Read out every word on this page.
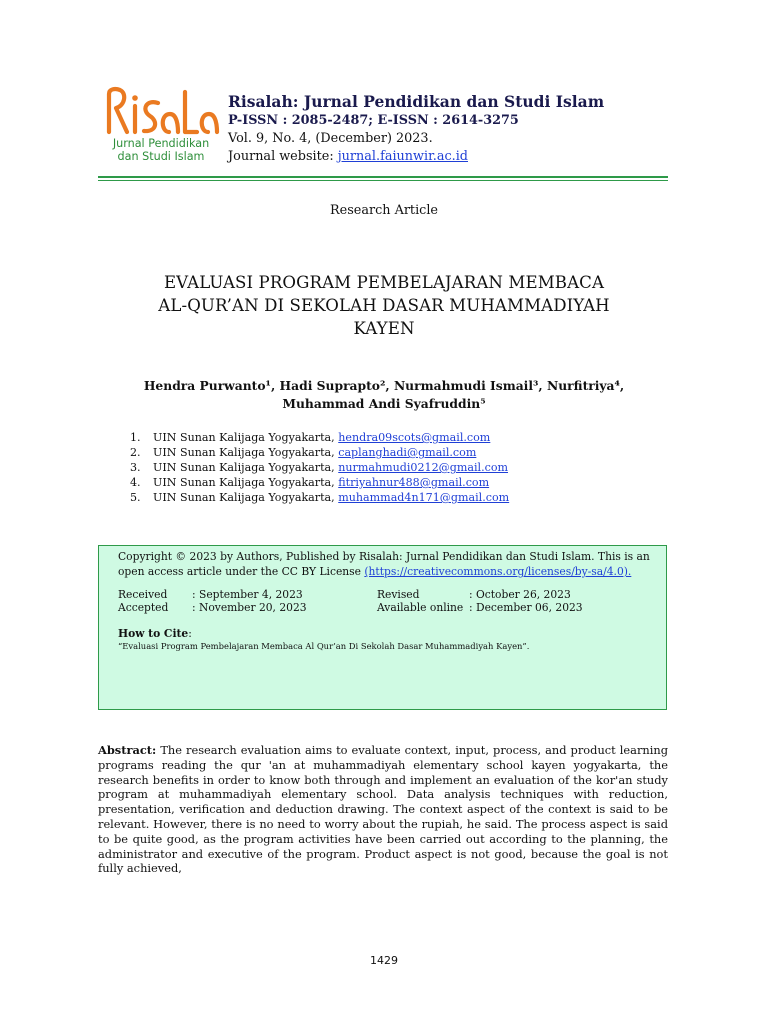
Jurnal Pendidikan
dan Studi Islam
Risalah: Jurnal Pendidikan dan Studi Islam
P-ISSN : 2085-2487; E-ISSN : 2614-3275
Vol. 9, No. 4, (December) 2023.
Journal website: jurnal.faiunwir.ac.id
Research Article
EVALUASI PROGRAM PEMBELAJARAN MEMBACA
AL-QUR’AN DI SEKOLAH DASAR MUHAMMADIYAH
KAYEN
Hendra Purwanto¹, Hadi Suprapto², Nurmahmudi Ismail³, Nurfitriya⁴,
Muhammad Andi Syafruddin⁵
1. UIN Sunan Kalijaga Yogyakarta, hendra09scots@gmail.com
2. UIN Sunan Kalijaga Yogyakarta, caplanghadi@gmail.com
3. UIN Sunan Kalijaga Yogyakarta, nurmahmudi0212@gmail.com
4. UIN Sunan Kalijaga Yogyakarta, fitriyahnur488@gmail.com
5. UIN Sunan Kalijaga Yogyakarta, muhammad4n171@gmail.com
Copyright © 2023 by Authors, Published by Risalah: Jurnal Pendidikan dan Studi Islam. This is an open access article under the CC BY License (https://creativecommons.org/licenses/by-sa/4.0).
Received : September 4, 2023
Accepted : November 20, 2023
Revised	: October 26, 2023
Available online : December 06, 2023
How to Cite:
“Evaluasi Program Pembelajaran Membaca Al Qur’an Di Sekolah Dasar Muhammadiyah Kayen”.
Abstract: The research evaluation aims to evaluate context, input, process, and product learning programs reading the qur 'an at muhammadiyah elementary school kayen yogyakarta, the research benefits in order to know both through and implement an evaluation of the kor'an study program at muhammadiyah elementary school. Data analysis techniques with reduction, presentation, verification and deduction drawing. The context aspect of the context is said to be relevant. However, there is no need to worry about the rupiah, he said. The process aspect is said to be quite good, as the program activities have been carried out according to the planning, the administrator and executive of the program. Product aspect is not good, because the goal is not fully achieved,
1429
